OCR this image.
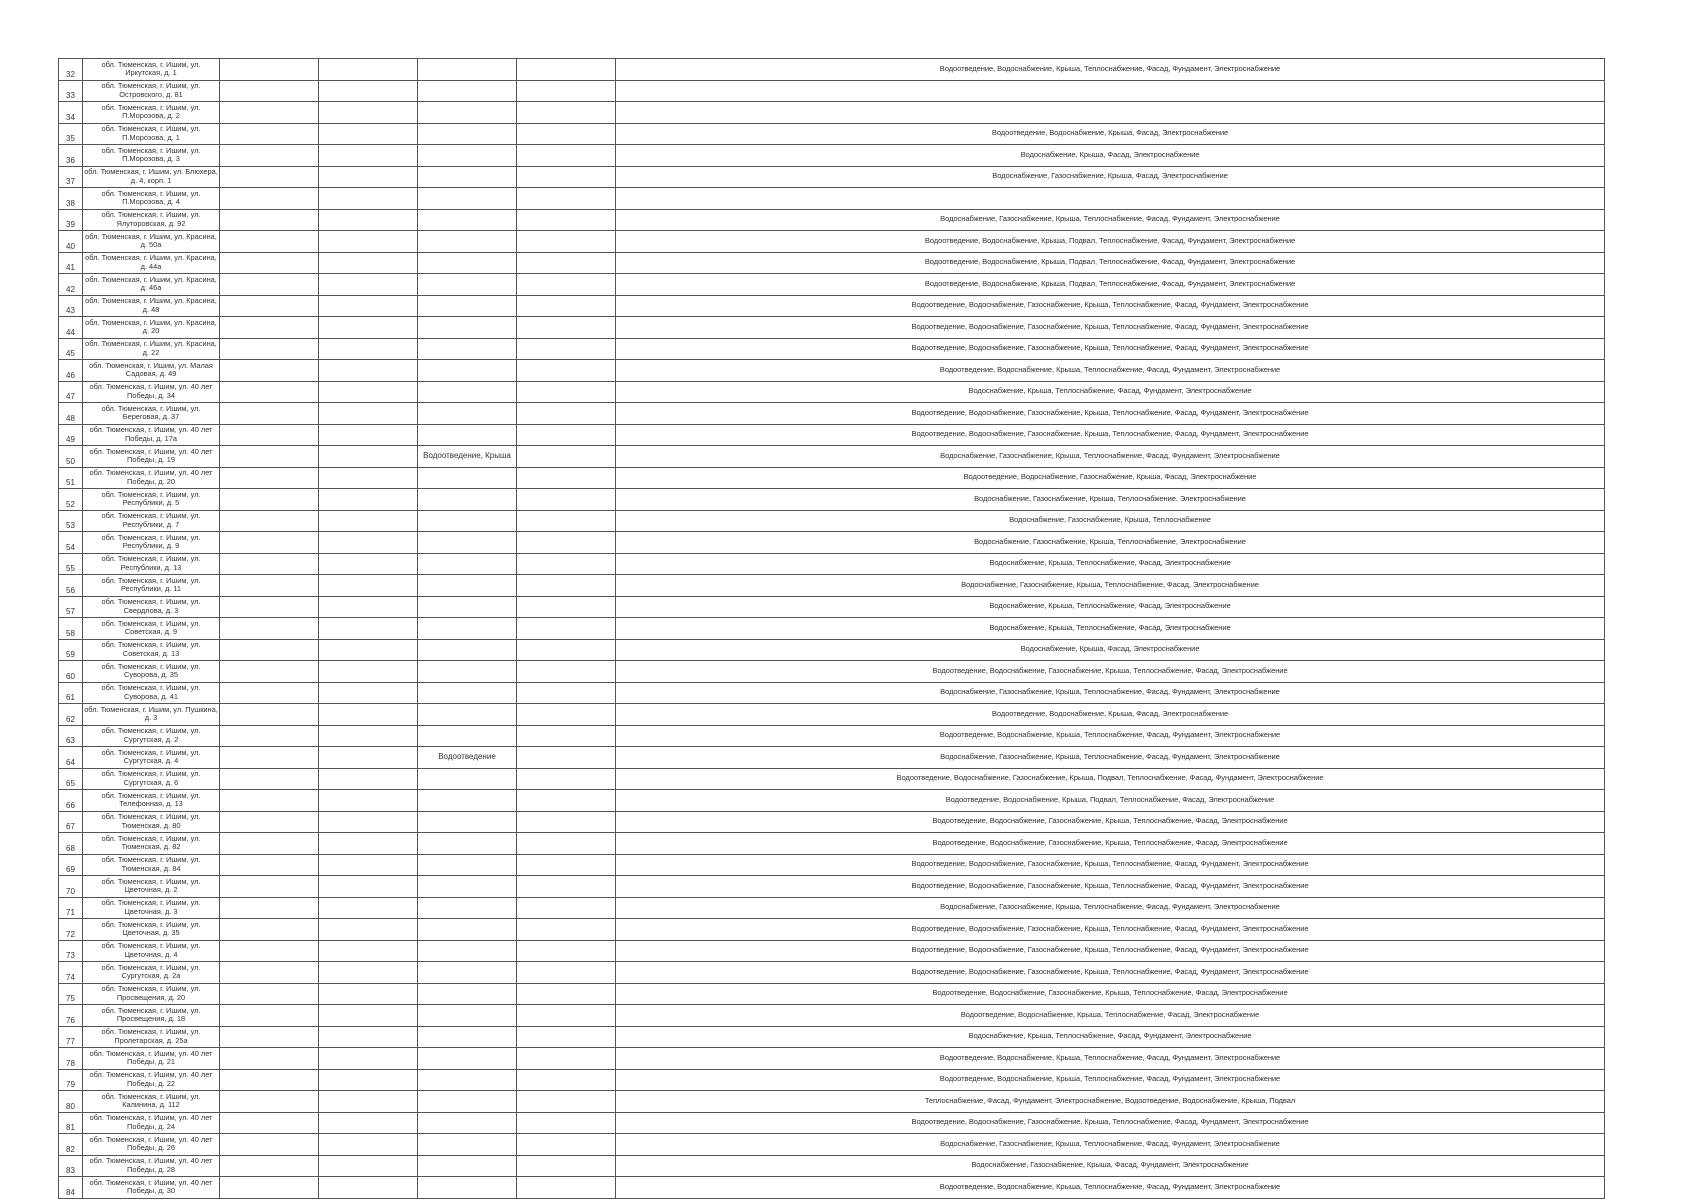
32	обл. Тюменская, г. Ишим, ул. Иркутская, д. 1					Водоотведение, Водоснабжение, Крыша, Теплоснабжение, Фасад, Фундамент, Электроснабжение
33	обл. Тюменская, г. Ишим, ул. Островского, д. 81					
34	обл. Тюменская, г. Ишим, ул. П.Морозова, д. 2					
35	обл. Тюменская, г. Ишим, ул. П.Морозова, д. 1					Водоотведение, Водоснабжение, Крыша, Фасад, Электроснабжение
36	обл. Тюменская, г. Ишим, ул. П.Морозова, д. 3					Водоснабжение, Крыша, Фасад, Электроснабжение
37	обл. Тюменская, г. Ишим, ул. Блюхера, д. 4, корп. 1					Водоснабжение, Газоснабжение, Крыша, Фасад, Электроснабжение
38	обл. Тюменская, г. Ишим, ул. П.Морозова, д. 4					
39	обл. Тюменская, г. Ишим, ул. Ялуторовская, д. 92					Водоснабжение, Газоснабжение, Крыша, Теплоснабжение, Фасад, Фундамент, Электроснабжение
40	обл. Тюменская, г. Ишим, ул. Красина, д. 50а					Водоотведение, Водоснабжение, Крыша, Подвал, Теплоснабжение, Фасад, Фундамент, Электроснабжение
41	обл. Тюменская, г. Ишим, ул. Красина, д. 44а					Водоотведение, Водоснабжение, Крыша, Подвал, Теплоснабжение, Фасад, Фундамент, Электроснабжение
42	обл. Тюменская, г. Ишим, ул. Красина, д. 46а					Водоотведение, Водоснабжение, Крыша, Подвал, Теплоснабжение, Фасад, Фундамент, Электроснабжение
43	обл. Тюменская, г. Ишим, ул. Красина, д. 48					Водоотведение, Водоснабжение, Газоснабжение, Крыша, Теплоснабжение, Фасад, Фундамент, Электроснабжение
44	обл. Тюменская, г. Ишим, ул. Красина, д. 20					Водоотведение, Водоснабжение, Газоснабжение, Крыша, Теплоснабжение, Фасад, Фундамент, Электроснабжение
45	обл. Тюменская, г. Ишим, ул. Красина, д. 22					Водоотведение, Водоснабжение, Газоснабжение, Крыша, Теплоснабжение, Фасад, Фундамент, Электроснабжение
46	обл. Тюменская, г. Ишим, ул. Малая Садовая, д. 49					Водоотведение, Водоснабжение, Крыша, Теплоснабжение, Фасад, Фундамент, Электроснабжение
47	обл. Тюменская, г. Ишим, ул. 40 лет Победы, д. 34					Водоснабжение, Крыша, Теплоснабжение, Фасад, Фундамент, Электроснабжение
48	обл. Тюменская, г. Ишим, ул. Береговая, д. 37					Водоотведение, Водоснабжение, Газоснабжение, Крыша, Теплоснабжение, Фасад, Фундамент, Электроснабжение
49	обл. Тюменская, г. Ишим, ул. 40 лет Победы, д. 17а					Водоотведение, Водоснабжение, Газоснабжение, Крыша, Теплоснабжение, Фасад, Фундамент, Электроснабжение
50	обл. Тюменская, г. Ишим, ул. 40 лет Победы, д. 19			Водоотведение, Крыша		Водоснабжение, Газоснабжение, Крыша, Теплоснабжение, Фасад, Фундамент, Электроснабжение
51	обл. Тюменская, г. Ишим, ул. 40 лет Победы, д. 20					Водоотведение, Водоснабжение, Газоснабжение, Крыша, Фасад, Электроснабжение
52	обл. Тюменская, г. Ишим, ул. Республики, д. 5					Водоснабжение, Газоснабжение, Крыша, Теплоснабжение, Электроснабжение
53	обл. Тюменская, г. Ишим, ул. Республики, д. 7					Водоснабжение, Газоснабжение, Крыша, Теплоснабжение
54	обл. Тюменская, г. Ишим, ул. Республики, д. 9					Водоснабжение, Газоснабжение, Крыша, Теплоснабжение, Электроснабжение
55	обл. Тюменская, г. Ишим, ул. Республики, д. 13					Водоснабжение, Крыша, Теплоснабжение, Фасад, Электроснабжение
56	обл. Тюменская, г. Ишим, ул. Республики, д. 11					Водоснабжение, Газоснабжение, Крыша, Теплоснабжение, Фасад, Электроснабжение
57	обл. Тюменская, г. Ишим, ул. Свердлова, д. 3					Водоснабжение, Крыша, Теплоснабжение, Фасад, Электроснабжение
58	обл. Тюменская, г. Ишим, ул. Советская, д. 9					Водоснабжение, Крыша, Теплоснабжение, Фасад, Электроснабжение
59	обл. Тюменская, г. Ишим, ул. Советская, д. 13					Водоснабжение, Крыша, Фасад, Электроснабжение
60	обл. Тюменская, г. Ишим, ул. Суворова, д. 35					Водоотведение, Водоснабжение, Газоснабжение, Крыша, Теплоснабжение, Фасад, Электроснабжение
61	обл. Тюменская, г. Ишим, ул. Суворова, д. 41					Водоснабжение, Газоснабжение, Крыша, Теплоснабжение, Фасад, Фундамент, Электроснабжение
62	обл. Тюменская, г. Ишим, ул. Пушкина, д. 3					Водоотведение, Водоснабжение, Крыша, Фасад, Электроснабжение
63	обл. Тюменская, г. Ишим, ул. Сургутская, д. 2					Водоотведение, Водоснабжение, Крыша, Теплоснабжение, Фасад, Фундамент, Электроснабжение
64	обл. Тюменская, г. Ишим, ул. Сургутская, д. 4			Водоотведение		Водоснабжение, Газоснабжение, Крыша, Теплоснабжение, Фасад, Фундамент, Электроснабжение
65	обл. Тюменская, г. Ишим, ул. Сургутская, д. 6					Водоотведение, Водоснабжение, Газоснабжение, Крыша, Подвал, Теплоснабжение, Фасад, Фундамент, Электроснабжение
66	обл. Тюменская, г. Ишим, ул. Телефонная, д. 13					Водоотведение, Водоснабжение, Крыша, Подвал, Теплоснабжение, Фасад, Электроснабжение
67	обл. Тюменская, г. Ишим, ул. Тюменская, д. 80					Водоотведение, Водоснабжение, Газоснабжение, Крыша, Теплоснабжение, Фасад, Электроснабжение
68	обл. Тюменская, г. Ишим, ул. Тюменская, д. 82					Водоотведение, Водоснабжение, Газоснабжение, Крыша, Теплоснабжение, Фасад, Электроснабжение
69	обл. Тюменская, г. Ишим, ул. Тюменская, д. 84					Водоотведение, Водоснабжение, Газоснабжение, Крыша, Теплоснабжение, Фасад, Фундамент, Электроснабжение
70	обл. Тюменская, г. Ишим, ул. Цветочная, д. 2					Водоотведение, Водоснабжение, Газоснабжение, Крыша, Теплоснабжение, Фасад, Фундамент, Электроснабжение
71	обл. Тюменская, г. Ишим, ул. Цветочная, д. 3					Водоснабжение, Газоснабжение, Крыша, Теплоснабжение, Фасад, Фундамент, Электроснабжение
72	обл. Тюменская, г. Ишим, ул. Цветочная, д. 35					Водоотведение, Водоснабжение, Газоснабжение, Крыша, Теплоснабжение, Фасад, Фундамент, Электроснабжение
73	обл. Тюменская, г. Ишим, ул. Цветочная, д. 4					Водоотведение, Водоснабжение, Газоснабжение, Крыша, Теплоснабжение, Фасад, Фундамент, Электроснабжение
74	обл. Тюменская, г. Ишим, ул. Сургутская, д. 2а					Водоотведение, Водоснабжение, Газоснабжение, Крыша, Теплоснабжение, Фасад, Фундамент, Электроснабжение
75	обл. Тюменская, г. Ишим, ул. Просвещения, д. 20					Водоотведение, Водоснабжение, Газоснабжение, Крыша, Теплоснабжение, Фасад, Электроснабжение
76	обл. Тюменская, г. Ишим, ул. Просвещения, д. 18					Водоотведение, Водоснабжение, Крыша, Теплоснабжение, Фасад, Электроснабжение
77	обл. Тюменская, г. Ишим, ул. Пролетарская, д. 25а					Водоснабжение, Крыша, Теплоснабжение, Фасад, Фундамент, Электроснабжение
78	обл. Тюменская, г. Ишим, ул. 40 лет Победы, д. 21					Водоотведение, Водоснабжение, Крыша, Теплоснабжение, Фасад, Фундамент, Электроснабжение
79	обл. Тюменская, г. Ишим, ул. 40 лет Победы, д. 22					Водоотведение, Водоснабжение, Крыша, Теплоснабжение, Фасад, Фундамент, Электроснабжение
80	обл. Тюменская, г. Ишим, ул. Калинина, д. 112					Теплоснабжение, Фасад, Фундамент, Электроснабжение, Водоотведение, Водоснабжение, Крыша, Подвал
81	обл. Тюменская, г. Ишим, ул. 40 лет Победы, д. 24					Водоотведение, Водоснабжение, Газоснабжение, Крыша, Теплоснабжение, Фасад, Фундамент, Электроснабжение
82	обл. Тюменская, г. Ишим, ул. 40 лет Победы, д. 26					Водоснабжение, Газоснабжение, Крыша, Теплоснабжение, Фасад, Фундамент, Электроснабжение
83	обл. Тюменская, г. Ишим, ул. 40 лет Победы, д. 28					Водоснабжение, Газоснабжение, Крыша, Фасад, Фундамент, Электроснабжение
84	обл. Тюменская, г. Ишим, ул. 40 лет Победы, д. 30					Водоотведение, Водоснабжение, Крыша, Теплоснабжение, Фасад, Фундамент, Электроснабжение
